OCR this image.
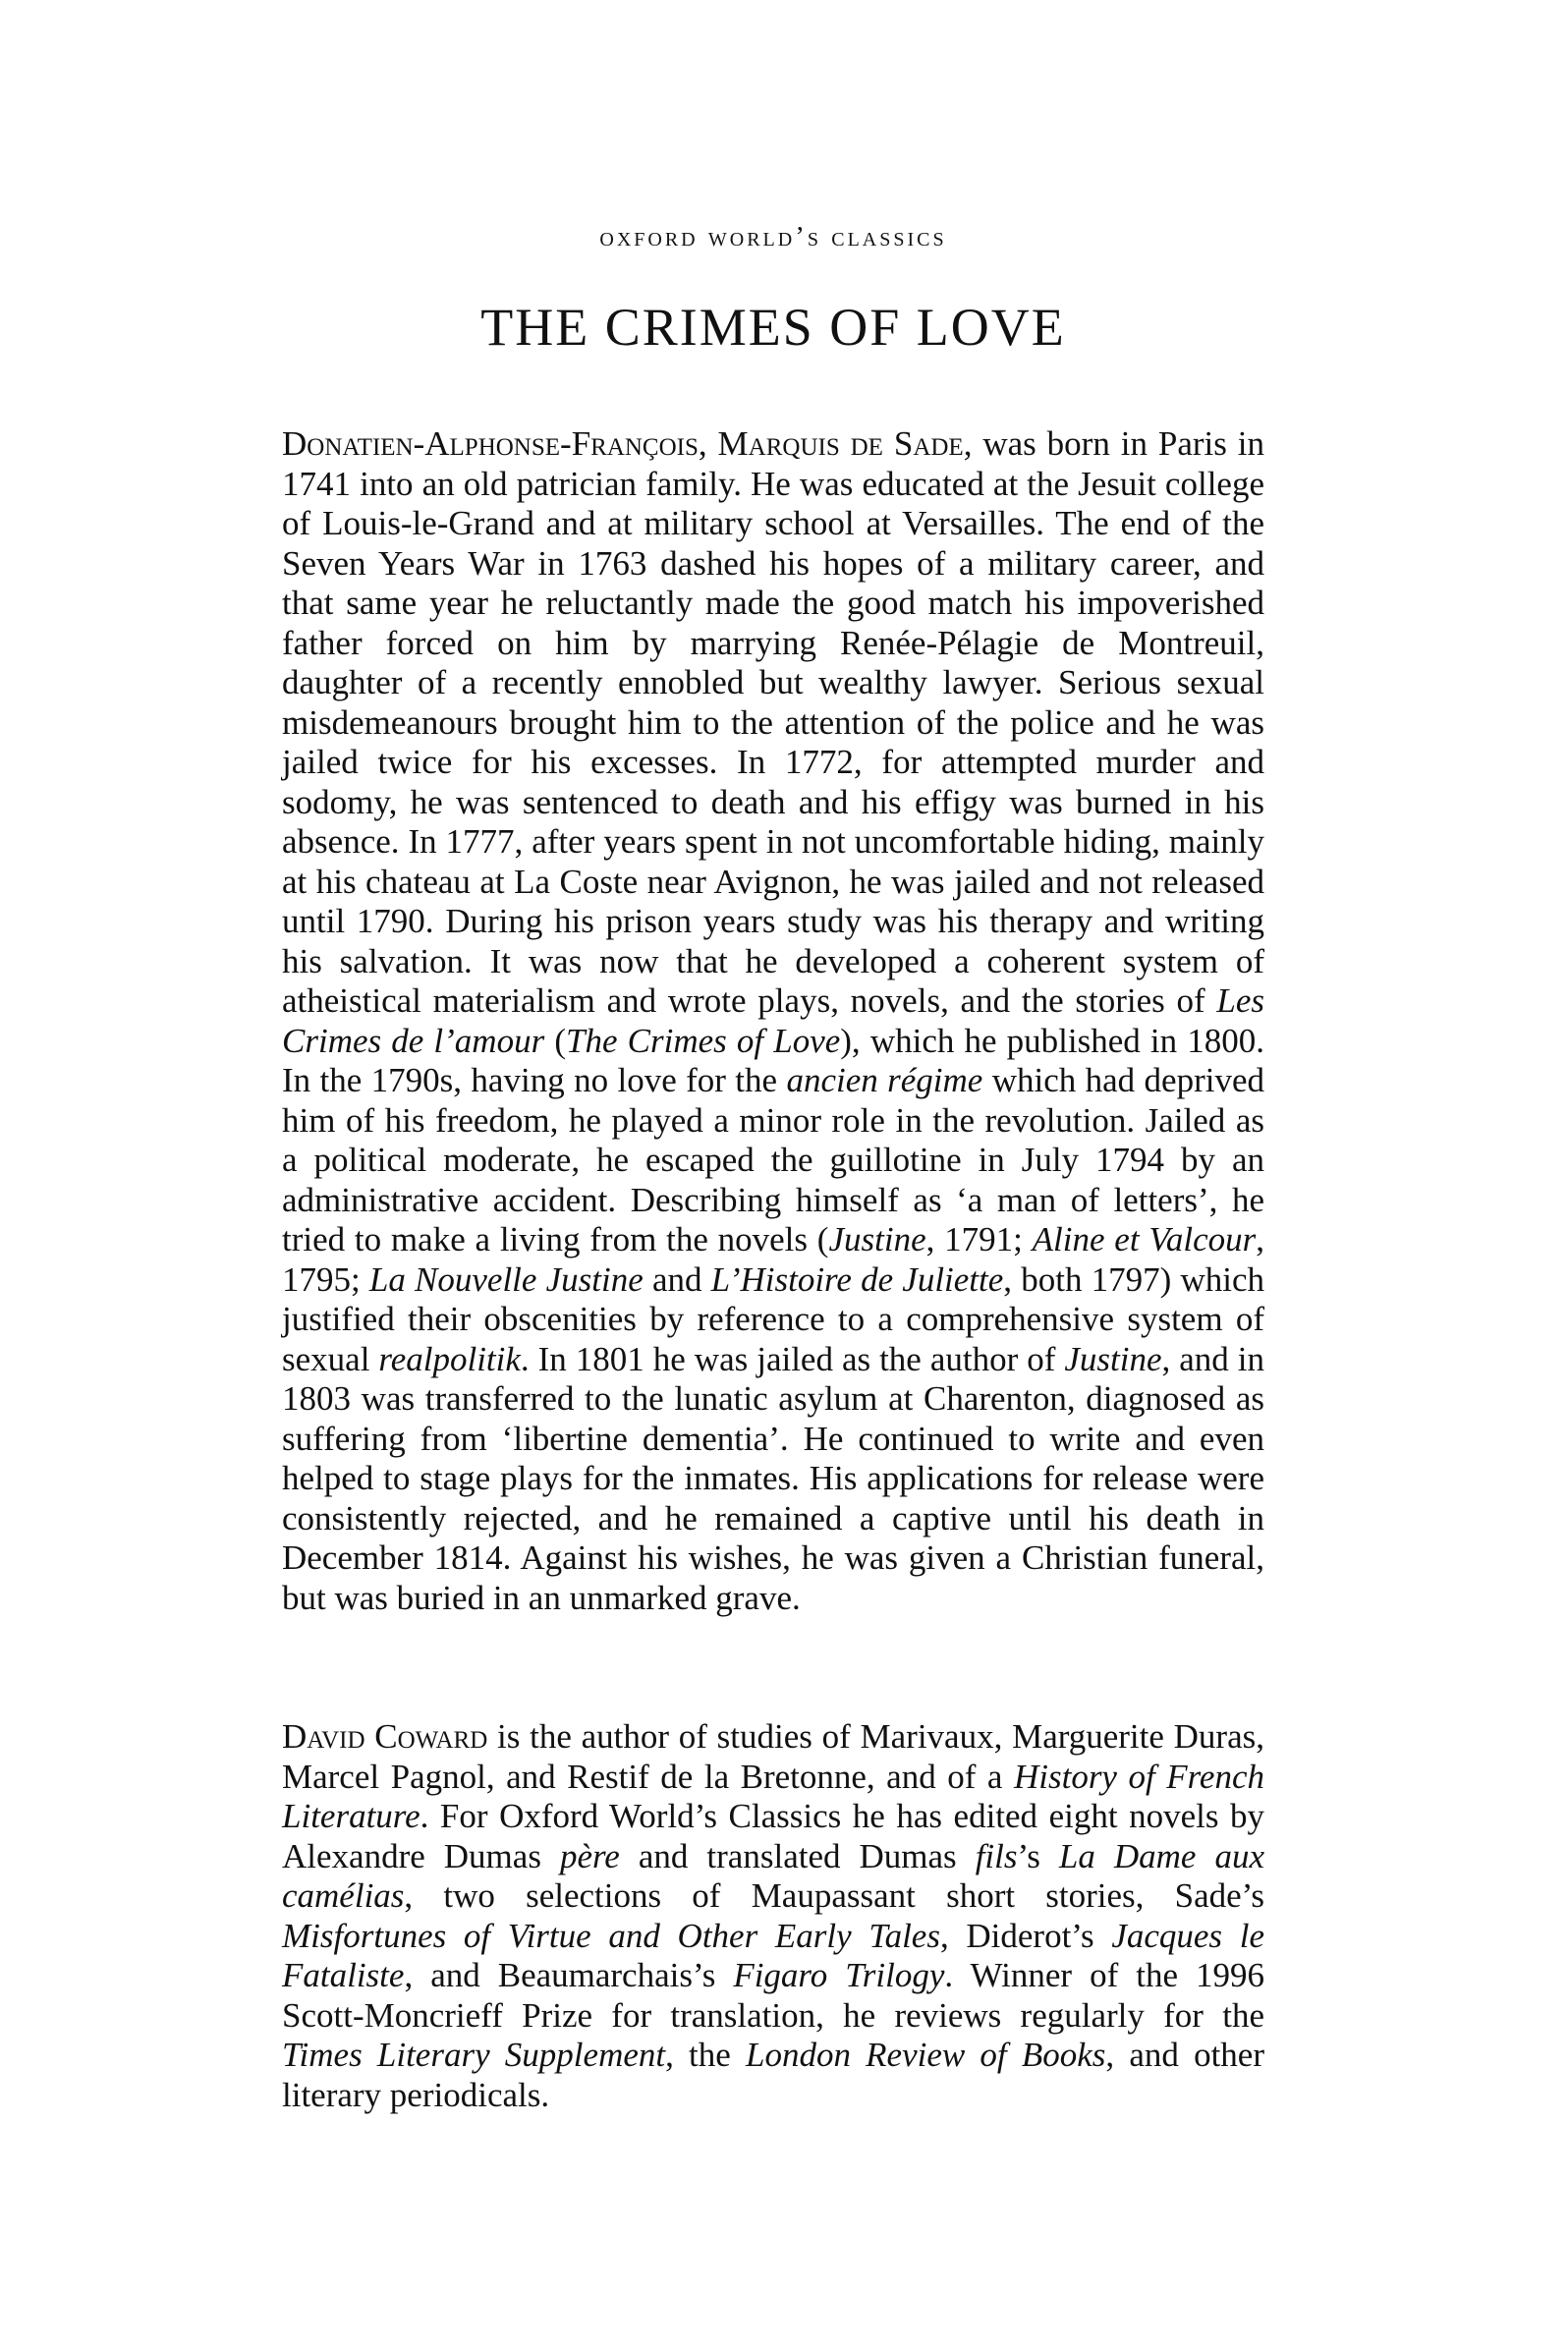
oxford world’s classics
THE CRIMES OF LOVE

Donatien-Alphonse-François, Marquis de Sade, was born in Paris in 1741 into an old patrician family. He was educated at the Jesuit college of Louis-le-Grand and at military school at Versailles. The end of the Seven Years War in 1763 dashed his hopes of a military career, and that same year he reluctantly made the good match his impoverished father forced on him by marrying Renée-Pélagie de Montreuil, daughter of a recently ennobled but wealthy lawyer. Serious sexual misdemeanours brought him to the attention of the police and he was jailed twice for his excesses. In 1772, for attempted murder and sodomy, he was sentenced to death and his effigy was burned in his absence. In 1777, after years spent in not uncomfortable hiding, mainly at his chateau at La Coste near Avignon, he was jailed and not released until 1790. During his prison years study was his therapy and writing his salvation. It was now that he developed a coherent system of atheistical materialism and wrote plays, novels, and the stories of Les Crimes de l’amour (The Crimes of Love), which he published in 1800. In the 1790s, having no love for the ancien régime which had deprived him of his freedom, he played a minor role in the revolution. Jailed as a political moderate, he escaped the guillotine in July 1794 by an administrative accident. Describing himself as ‘a man of letters’, he tried to make a living from the novels (Justine, 1791; Aline et Valcour, 1795; La Nouvelle Justine and L’Histoire de Juliette, both 1797) which justified their obscenities by reference to a comprehensive system of sexual realpolitik. In 1801 he was jailed as the author of Justine, and in 1803 was transferred to the lunatic asylum at Charenton, diagnosed as suffering from ‘libertine dementia’. He continued to write and even helped to stage plays for the inmates. His applications for release were consistently rejected, and he remained a captive until his death in December 1814. Against his wishes, he was given a Christian funeral, but was buried in an unmarked grave.

David Coward is the author of studies of Marivaux, Marguerite Duras, Marcel Pagnol, and Restif de la Bretonne, and of a History of French Literature. For Oxford World’s Classics he has edited eight novels by Alexandre Dumas père and translated Dumas fils’s La Dame aux camélias, two selections of Maupassant short stories, Sade’s Misfortunes of Virtue and Other Early Tales, Diderot’s Jacques le Fataliste, and Beaumarchais’s Figaro Trilogy. Winner of the 1996 Scott-Moncrieff Prize for translation, he reviews regularly for the Times Literary Supplement, the London Review of Books, and other literary periodicals.
